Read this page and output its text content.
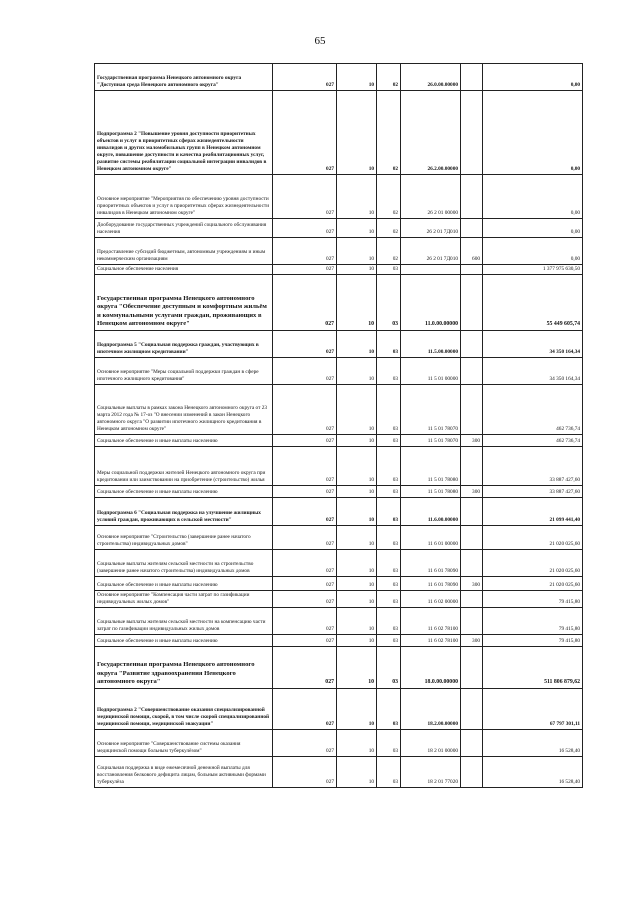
65
Государственная программа Ненецкого автономного округа "Доступная среда Ненецкого автономного округа"	027	10	02	26.0.00.00000		0,00
Подпрограмма 2 "Повышение уровня доступности приоритетных объектов и услуг в приоритетных сферах жизнедеятельности инвалидов и других маломобильных групп в Ненецком автономном округе, повышение доступности и качества реабилитационных услуг, развитие системы реабилитации социальной интеграции инвалидов в Ненецком автономном округе"	027	10	02	26.2.00.00000		0,00
Основное мероприятие "Мероприятия по обеспечению уровня доступности приоритетных объектов и услуг в приоритетных сферах жизнедеятельности инвалидов в Ненецком автономном округе"	027	10	02	26 2 01 00000		0,00
Дооборудование государственных учреждений социального обслуживания населения	027	10	02	26 2 01 7Д010		0,00
Предоставление субсидий бюджетным, автономным учреждениям и иным некоммерческим организациям	027	10	02	26 2 01 7Д010	600	0,00
Социальное обеспечение населения	027	10	03			1 377 975 630,50
Государственная программа Ненецкого автономного округа "Обеспечение доступным и комфортным жильём и коммунальными услугами граждан, проживающих в Ненецком автономном округе"	027	10	03	11.0.00.00000		55 449 605,74
Подпрограмма 5 "Социальная поддержка граждан, участвующих в ипотечном жилищном кредитовании"	027	10	03	11.5.00.00000		34 350 164,34
Основное мероприятие "Меры социальной поддержки граждан в сфере ипотечного жилищного кредитования"	027	10	03	11 5 01 00000		34 350 164,34
Социальные выплаты в рамках закона Ненецкого автономного округа от 23 марта 2012 года № 17-оз "О внесении изменений в закон Ненецкого автономного округа "О развитии ипотечного жилищного кредитования в Ненецком автономном округе"	027	10	03	11 5 01 78070		462 736,74
Социальное обеспечение и иные выплаты населению	027	10	03	11 5 01 78070	300	462 736,74
Меры социальной поддержки жителей Ненецкого автономного округа при кредитовании или заимствовании на приобретение (строительство) жилья	027	10	03	11 5 01 78080		33 887 427,60
Социальное обеспечение и иные выплаты населению	027	10	03	11 5 01 78080	300	33 887 427,60
Подпрограмма 6 "Социальная поддержка на улучшение жилищных условий граждан, проживающих в сельской местности"	027	10	03	11.6.00.00000		21 099 441,40
Основное мероприятие "Строительство (завершение ранее начатого строительства) индивидуальных домов"	027	10	03	11 6 01 00000		21 020 025,60
Социальные выплаты жителям сельской местности на строительство (завершение ранее начатого строительства) индивидуальных домов	027	10	03	11 6 01 78090		21 020 025,60
Социальное обеспечение и иные выплаты населению	027	10	03	11 6 01 78090	300	21 020 025,60
Основное мероприятие "Компенсация части затрат по газификации индивидуальных жилых домов"	027	10	03	11 6 02 00000		79 415,80
Социальные выплаты жителям сельской местности на компенсацию части затрат по газификации индивидуальных жилых домов	027	10	03	11 6 02 78100		79 415,80
Социальное обеспечение и иные выплаты населению	027	10	03	11 6 02 78100	300	79 415,80
Государственная программа Ненецкого автономного округа "Развитие здравоохранения Ненецкого автономного округа"	027	10	03	18.0.00.00000		511 806 879,62
Подпрограмма 2 "Совершенствование оказания специализированной медицинской помощи, скорой, в том числе скорой специализированной медицинской помощи, медицинской эвакуации"	027	10	03	18.2.00.00000		67 797 301,11
Основное мероприятие "Совершенствование системы оказания медицинской помощи больным туберкулёзом"	027	10	03	18 2 01 00000		16 528,40
Социальная поддержка в виде ежемесячной денежной выплаты для восстановления белкового дефицита лицам, больным активными формами туберкулёза	027	10	03	18 2 01 77020		16 528,40
